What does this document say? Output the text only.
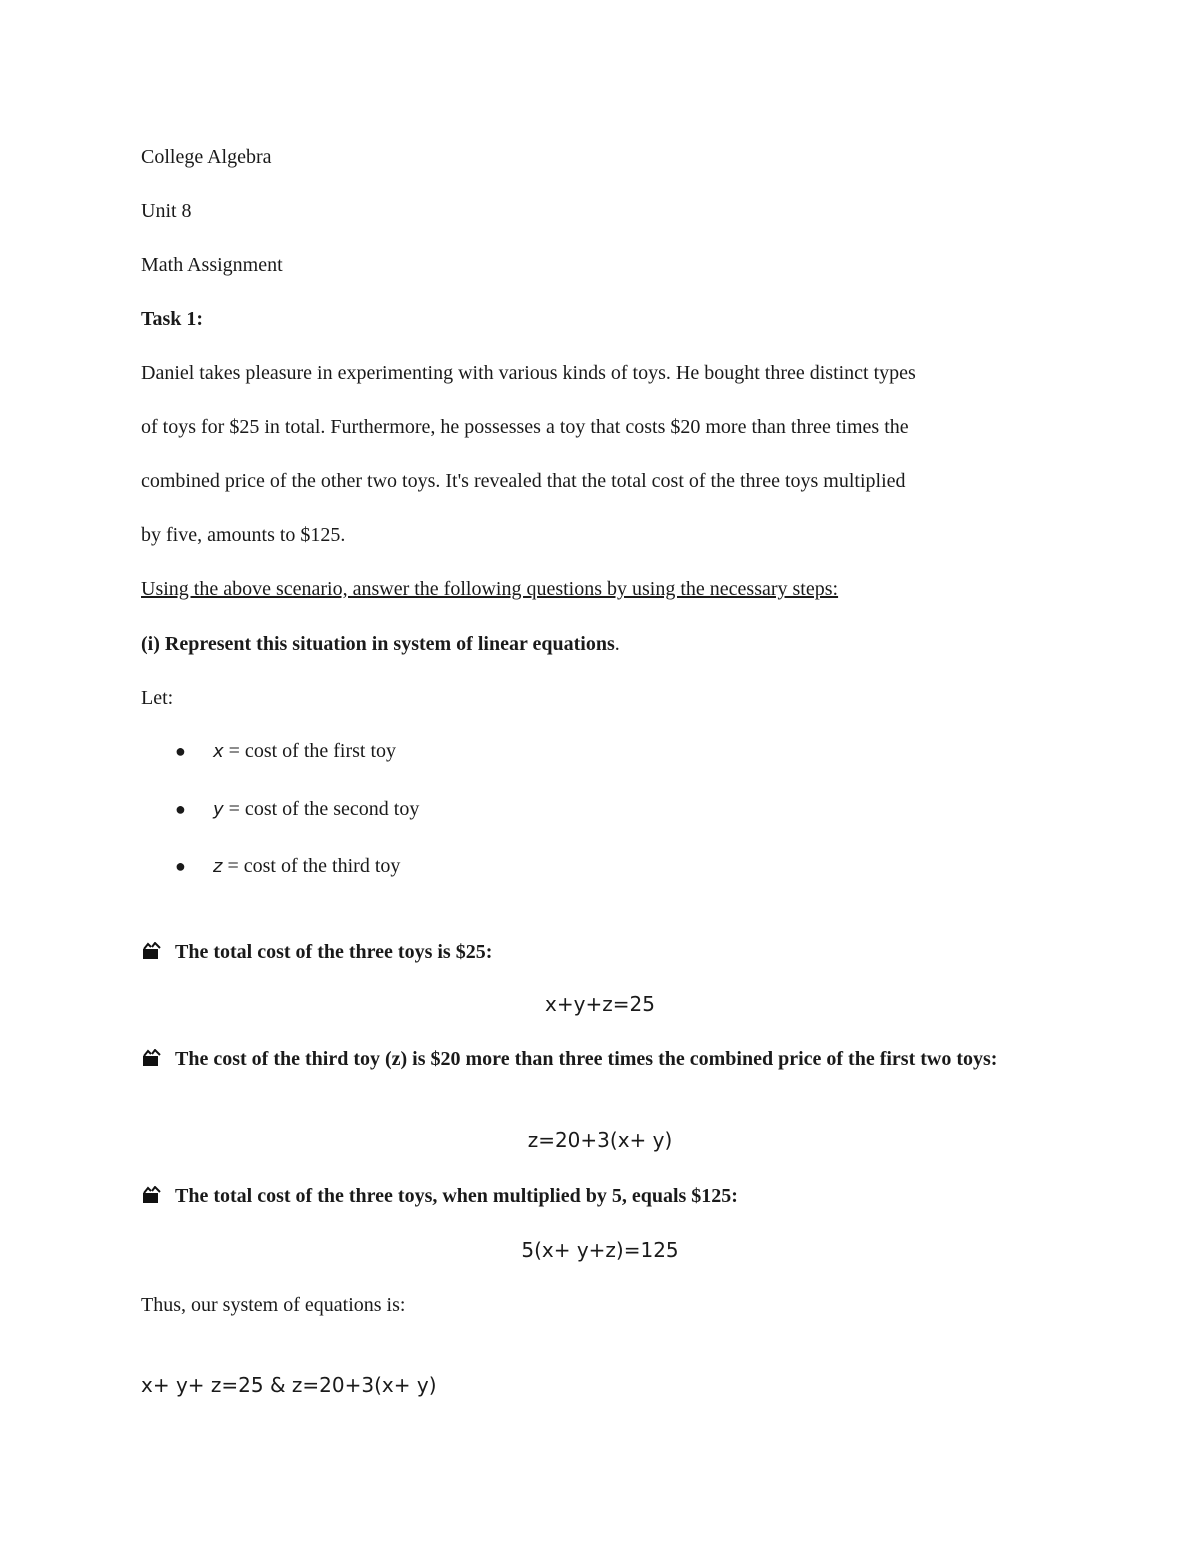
College Algebra
Unit 8
Math Assignment
Task 1:
Daniel takes pleasure in experimenting with various kinds of toys. He bought three distinct types
of toys for $25 in total. Furthermore, he possesses a toy that costs $20 more than three times the
combined price of the other two toys. It's revealed that the total cost of the three toys multiplied
by five, amounts to $125.
Using the above scenario, answer the following questions by using the necessary steps:
(i) Represent this situation in system of linear equations.
Let:
● x = cost of the first toy
● y = cost of the second toy
● z = cost of the third toy
The total cost of the three toys is $25:
x+y+z=25
The cost of the third toy (z) is $20 more than three times the combined price of the first two toys:
z=20+3(x+ y)
The total cost of the three toys, when multiplied by 5, equals $125:
5(x+ y+z)=125
Thus, our system of equations is:
x+ y+ z=25 & z=20+3(x+ y)
